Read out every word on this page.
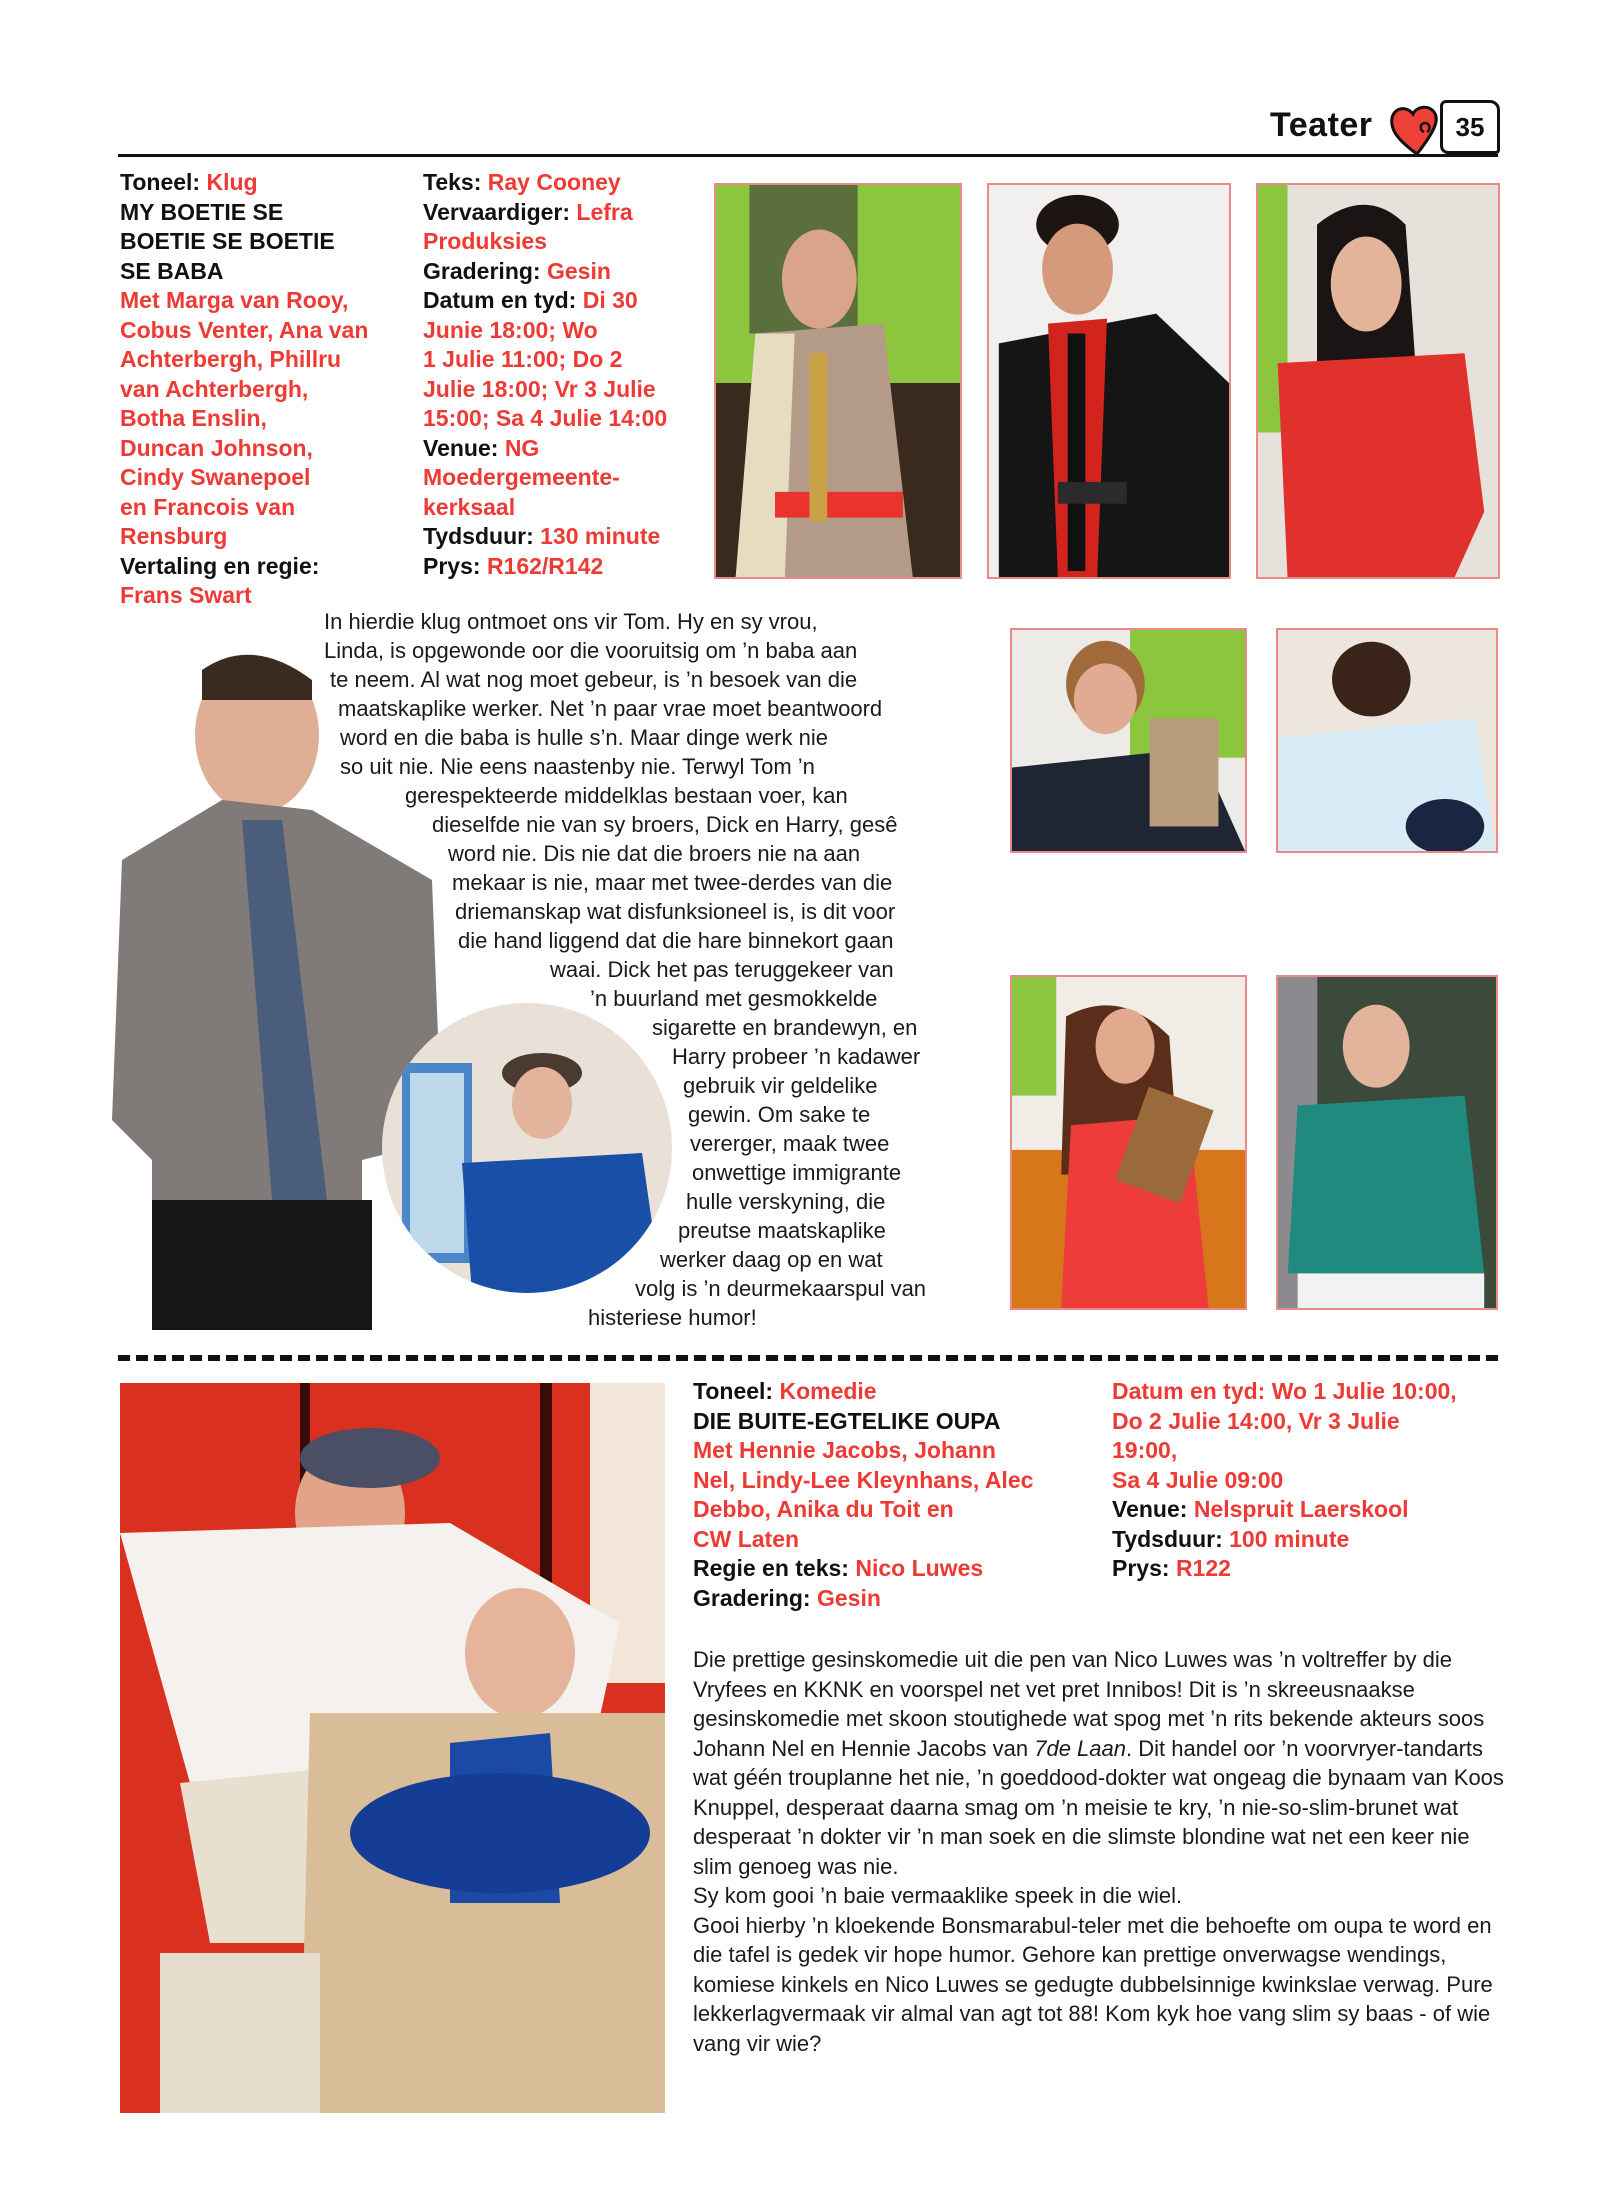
Teater	35
Toneel: Klug
MY BOETIE SE
BOETIE SE BOETIE
SE BABA
Met Marga van Rooy,
Cobus Venter, Ana van
Achterbergh, Phillru
van Achterbergh,
Botha Enslin,
Duncan Johnson,
Cindy Swanepoel
en Francois van
Rensburg
Vertaling en regie:
Frans Swart
Teks: Ray Cooney
Vervaardiger: Lefra
Produksies
Gradering: Gesin
Datum en tyd: Di 30
Junie 18:00; Wo
1 Julie 11:00; Do 2
Julie 18:00; Vr 3 Julie
15:00; Sa 4 Julie 14:00
Venue: NG
Moedergemeente-
kerksaal
Tydsduur: 130 minute
Prys: R162/R142
In hierdie klug ontmoet ons vir Tom. Hy en sy vrou,
Linda, is opgewonde oor die vooruitsig om ’n baba aan
te neem. Al wat nog moet gebeur, is ’n besoek van die
maatskaplike werker. Net ’n paar vrae moet beantwoord
word en die baba is hulle s’n. Maar dinge werk nie
so uit nie. Nie eens naastenby nie. Terwyl Tom ’n
gerespekteerde middelklas bestaan voer, kan
dieselfde nie van sy broers, Dick en Harry, gesê
word nie. Dis nie dat die broers nie na aan
mekaar is nie, maar met twee-derdes van die
driemanskap wat disfunksioneel is, is dit voor
die hand liggend dat die hare binnekort gaan
waai. Dick het pas teruggekeer van
’n buurland met gesmokkelde
sigarette en brandewyn, en
Harry probeer ’n kadawer
gebruik vir geldelike
gewin. Om sake te
vererger, maak twee
onwettige immigrante
hulle verskyning, die
preutse maatskaplike
werker daag op en wat
volg is ’n deurmekaarspul van
histeriese humor!
Toneel: Komedie
DIE BUITE-EGTELIKE OUPA
Met Hennie Jacobs, Johann
Nel, Lindy-Lee Kleynhans, Alec
Debbo, Anika du Toit en
CW Laten
Regie en teks: Nico Luwes
Gradering: Gesin
Datum en tyd: Wo 1 Julie 10:00,
Do 2 Julie 14:00, Vr 3 Julie
19:00,
Sa 4 Julie 09:00
Venue: Nelspruit Laerskool
Tydsduur: 100 minute
Prys: R122

Die prettige gesinskomedie uit die pen van Nico Luwes was ’n voltreffer by die Vryfees en KKNK en voorspel net vet pret Innibos! Dit is ’n skreeusnaakse gesinskomedie met skoon stoutighede wat spog met ’n rits bekende akteurs soos Johann Nel en Hennie Jacobs van 7de Laan. Dit handel oor ’n voorvryer-tandarts wat géén trouplanne het nie, ’n goeddood-dokter wat ongeag die bynaam van Koos Knuppel, desperaat daarna smag om ’n meisie te kry, ’n nie-so-slim-brunet wat desperaat ’n dokter vir ’n man soek en die slimste blondine wat net een keer nie slim genoeg was nie.

Sy kom gooi ’n baie vermaaklike speek in die wiel.

Gooi hierby ’n kloekende Bonsmarabul-teler met die behoefte om oupa te word en die tafel is gedek vir hope humor. Gehore kan prettige onverwagse wendings, komiese kinkels en Nico Luwes se gedugte dubbelsinnige kwinkslae verwag. Pure lekkerlagvermaak vir almal van agt tot 88! Kom kyk hoe vang slim sy baas - of wie vang vir wie?
